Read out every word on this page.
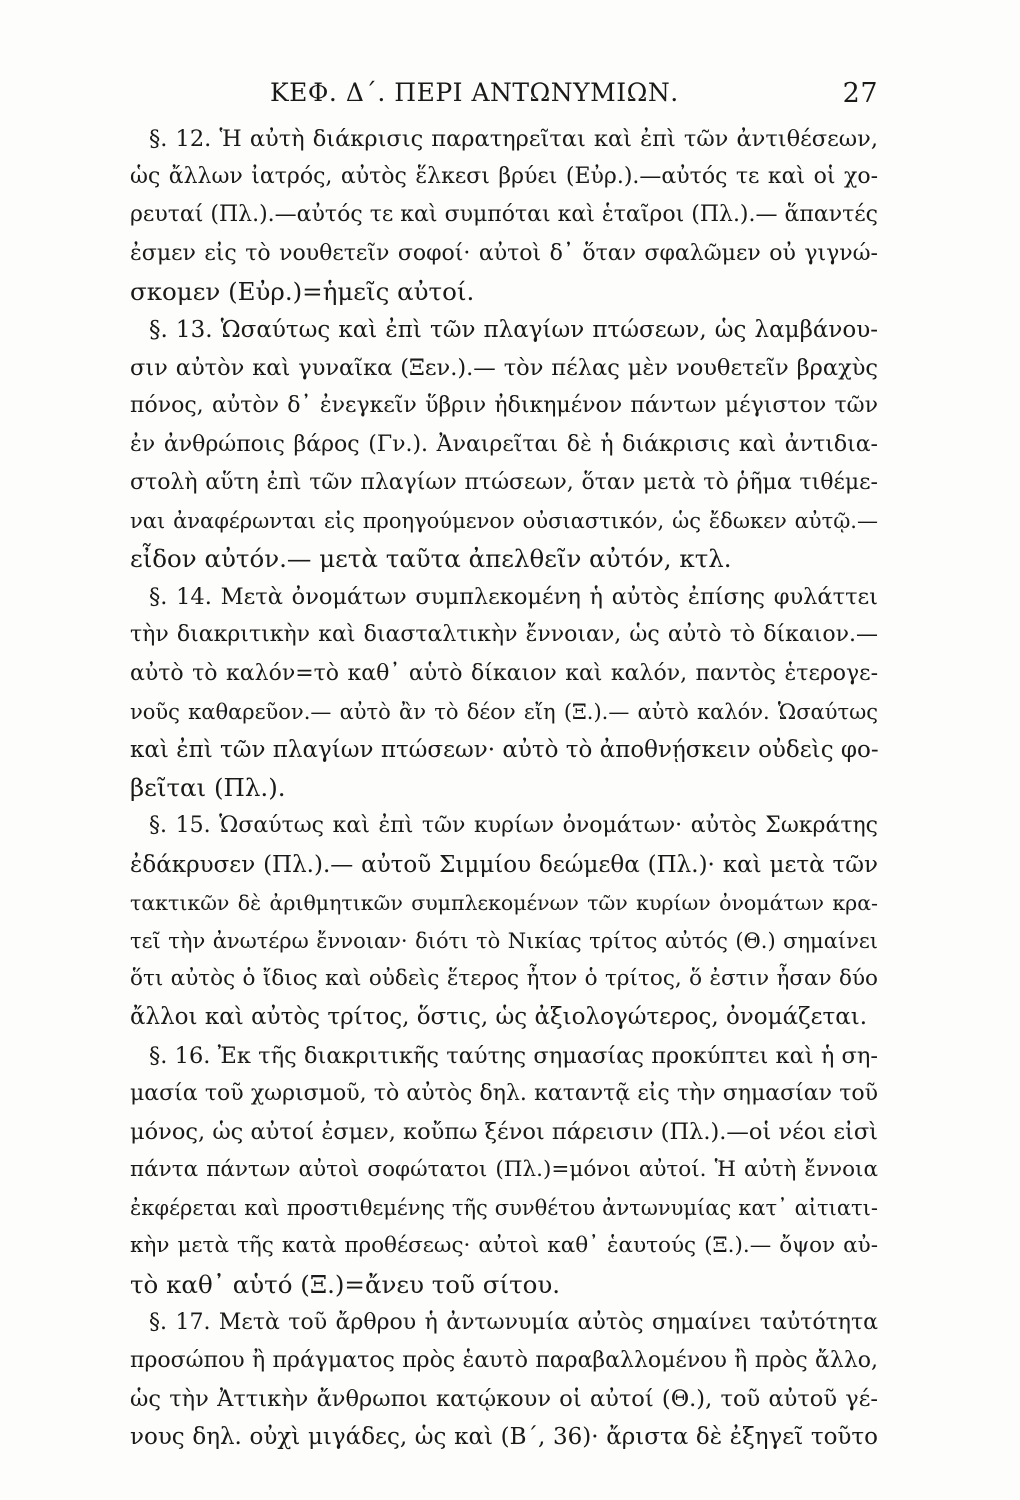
ΚΕΦ. Δ΄. ΠΕΡΙ ΑΝΤΩΝΥΜΙΩΝ.	27
§. 12. Ἡ αὐτὴ διάκρισις παρατηρεῖται καὶ ἐπὶ τῶν ἀντιθέσεων,
ὡς ἄλλων ἰατρός, αὐτὸς ἕλκεσι βρύει (Εὐρ.).—αὐτός τε καὶ οἱ χο-
ρευταί (Πλ.).—αὐτός τε καὶ συμπόται καὶ ἑταῖροι (Πλ.).— ἅπαντές
ἐσμεν εἰς τὸ νουθετεῖν σοφοί· αὐτοὶ δ᾽ ὅταν σφαλῶμεν οὐ γιγνώ-
σκομεν (Εὐρ.)=ἡμεῖς αὐτοί.
§. 13. Ὡσαύτως καὶ ἐπὶ τῶν πλαγίων πτώσεων, ὡς λαμβάνου-
σιν αὐτὸν καὶ γυναῖκα (Ξεν.).— τὸν πέλας μὲν νουθετεῖν βραχὺς
πόνος, αὐτὸν δ᾽ ἐνεγκεῖν ὕβριν ἠδικημένον πάντων μέγιστον τῶν
ἐν ἀνθρώποις βάρος (Γν.). Ἀναιρεῖται δὲ ἡ διάκρισις καὶ ἀντιδια-
στολὴ αὕτη ἐπὶ τῶν πλαγίων πτώσεων, ὅταν μετὰ τὸ ῥῆμα τιθέμε-
ναι ἀναφέρωνται εἰς προηγούμενον οὐσιαστικόν, ὡς ἔδωκεν αὐτῷ.—
εἶδον αὐτόν.— μετὰ ταῦτα ἀπελθεῖν αὐτόν, κτλ.
§. 14. Μετὰ ὀνομάτων συμπλεκομένη ἡ αὐτὸς ἐπίσης φυλάττει
τὴν διακριτικὴν καὶ διασταλτικὴν ἔννοιαν, ὡς αὐτὸ τὸ δίκαιον.—
αὐτὸ τὸ καλόν=τὸ καθ᾽ αὑτὸ δίκαιον καὶ καλόν, παντὸς ἑτερογε-
νοῦς καθαρεῦον.— αὐτὸ ἂν τὸ δέον εἴη (Ξ.).— αὐτὸ καλόν. Ὡσαύτως
καὶ ἐπὶ τῶν πλαγίων πτώσεων· αὐτὸ τὸ ἀποθνῄσκειν οὐδεὶς φο-
βεῖται (Πλ.).
§. 15. Ὡσαύτως καὶ ἐπὶ τῶν κυρίων ὀνομάτων· αὐτὸς Σωκράτης
ἐδάκρυσεν (Πλ.).— αὐτοῦ Σιμμίου δεώμεθα (Πλ.)· καὶ μετὰ τῶν
τακτικῶν δὲ ἀριθμητικῶν συμπλεκομένων τῶν κυρίων ὀνομάτων κρα-
τεῖ τὴν ἀνωτέρω ἔννοιαν· διότι τὸ Νικίας τρίτος αὐτός (Θ.) σημαίνει
ὅτι αὐτὸς ὁ ἴδιος καὶ οὐδεὶς ἕτερος ἦτον ὁ τρίτος, ὅ ἐστιν ἦσαν δύο
ἄλλοι καὶ αὐτὸς τρίτος, ὅστις, ὡς ἀξιολογώτερος, ὀνομάζεται.
§. 16. Ἐκ τῆς διακριτικῆς ταύτης σημασίας προκύπτει καὶ ἡ ση-
μασία τοῦ χωρισμοῦ, τὸ αὐτὸς δηλ. καταντᾷ εἰς τὴν σημασίαν τοῦ
μόνος, ὡς αὐτοί ἐσμεν, κοὔπω ξένοι πάρεισιν (Πλ.).—οἱ νέοι εἰσὶ
πάντα πάντων αὐτοὶ σοφώτατοι (Πλ.)=μόνοι αὐτοί. Ἡ αὐτὴ ἔννοια
ἐκφέρεται καὶ προστιθεμένης τῆς συνθέτου ἀντωνυμίας κατ᾽ αἰτιατι-
κὴν μετὰ τῆς κατὰ προθέσεως· αὐτοὶ καθ᾽ ἑαυτούς (Ξ.).— ὄψον αὐ-
τὸ καθ᾽ αὑτό (Ξ.)=ἄνευ τοῦ σίτου.
§. 17. Μετὰ τοῦ ἄρθρου ἡ ἀντωνυμία αὐτὸς σημαίνει ταὐτότητα
προσώπου ἢ πράγματος πρὸς ἑαυτὸ παραβαλλομένου ἢ πρὸς ἄλλο,
ὡς τὴν Ἀττικὴν ἄνθρωποι κατῴκουν οἱ αὐτοί (Θ.), τοῦ αὐτοῦ γέ-
νους δηλ. οὐχὶ μιγάδες, ὡς καὶ (Β΄, 36)· ἄριστα δὲ ἐξηγεῖ τοῦτο
